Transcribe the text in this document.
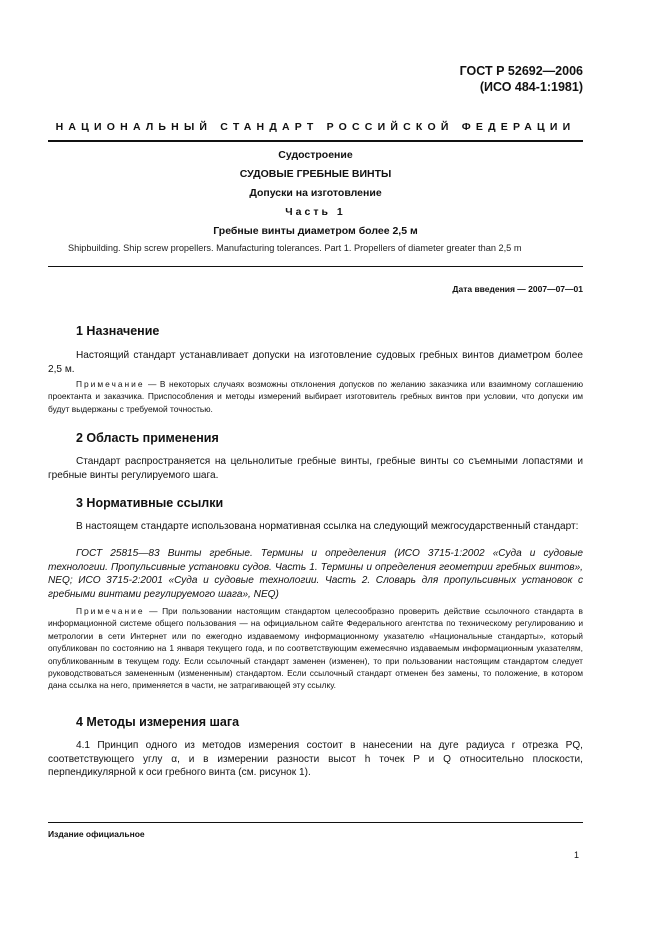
ГОСТ Р 52692—2006
(ИСО 484-1:1981)
НАЦИОНАЛЬНЫЙ СТАНДАРТ РОССИЙСКОЙ ФЕДЕРАЦИИ
Судостроение
СУДОВЫЕ ГРЕБНЫЕ ВИНТЫ
Допуски на изготовление
Часть 1
Гребные винты диаметром более 2,5 м
Shipbuilding. Ship screw propellers. Manufacturing tolerances. Part 1. Propellers of diameter greater than 2,5 m
Дата введения — 2007—07—01
1 Назначение
Настоящий стандарт устанавливает допуски на изготовление судовых гребных винтов диаметром более 2,5 м.
Примечание — В некоторых случаях возможны отклонения допусков по желанию заказчика или взаимному соглашению проектанта и заказчика. Приспособления и методы измерений выбирает изготовитель гребных винтов при условии, что допуски им будут выдержаны с требуемой точностью.
2 Область применения
Стандарт распространяется на цельнолитые гребные винты, гребные винты со съемными лопастями и гребные винты регулируемого шага.
3 Нормативные ссылки
В настоящем стандарте использована нормативная ссылка на следующий межгосударственный стандарт:
ГОСТ 25815—83 Винты гребные. Термины и определения (ИСО 3715-1:2002 «Суда и судовые технологии. Пропульсивные установки судов. Часть 1. Термины и определения геометрии гребных винтов», NEQ; ИСО 3715-2:2001 «Суда и судовые технологии. Часть 2. Словарь для пропульсивных установок с гребными винтами регулируемого шага», NEQ)
Примечание — При пользовании настоящим стандартом целесообразно проверить действие ссылочного стандарта в информационной системе общего пользования — на официальном сайте Федерального агентства по техническому регулированию и метрологии в сети Интернет или по ежегодно издаваемому информационному указателю «Национальные стандарты», который опубликован по состоянию на 1 января текущего года, и по соответствующим ежемесячно издаваемым информационным указателям, опубликованным в текущем году. Если ссылочный стандарт заменен (изменен), то при пользовании настоящим стандартом следует руководствоваться замененным (измененным) стандартом. Если ссылочный стандарт отменен без замены, то положение, в котором дана ссылка на него, применяется в части, не затрагивающей эту ссылку.
4 Методы измерения шага
4.1 Принцип одного из методов измерения состоит в нанесении на дуге радиуса r отрезка PQ, соответствующего углу α, и в измерении разности высот h точек P и Q относительно плоскости, перпендикулярной к оси гребного винта (см. рисунок 1).
Издание официальное
1
